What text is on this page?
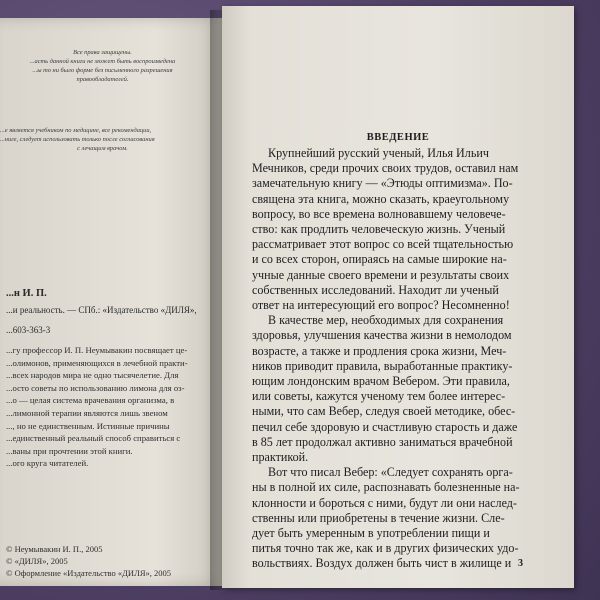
Все права защищены.
...асть данной книги не может быть воспроизведена
...ы то ни было форме без письменного разрешения
правообладателей.
...е является учебником по медицине, все рекомендации,
...ниге, следует использовать только после согласования
с лечащим врачом.
...н И. П.
...и реальность. — СПб.: «Издательство «ДИЛЯ»,
...603-363-3
...гу профессор И. П. Неумывакин посвящает це-
...олимонов, применяющихся в лечебной практи-
...всех народов мира не одно тысячелетие. Для
...осто советы по использованию лимона для оз-
...о — целая система врачевания организма, в
...лимонной терапии являются лишь звеном
..., но не единственным. Истинные причины
...единственный реальный способ справиться с
...ваны при прочтении этой книги.
...ого круга читателей.
© Неумывакин И. П., 2005
© «ДИЛЯ», 2005
© Оформление «Издательство «ДИЛЯ», 2005
ВВЕДЕНИЕ
Крупнейший русский ученый, Илья Ильич
Мечников, среди прочих своих трудов, оставил нам
замечательную книгу — «Этюды оптимизма». По-
священа эта книга, можно сказать, краеугольному
вопросу, во все времена волновавшему человече-
ство: как продлить человеческую жизнь. Ученый
рассматривает этот вопрос со всей тщательностью
и со всех сторон, опираясь на самые широкие на-
учные данные своего времени и результаты своих
собственных исследований. Находит ли ученый
ответ на интересующий его вопрос? Несомненно!
В качестве мер, необходимых для сохранения
здоровья, улучшения качества жизни в немолодом
возрасте, а также и продления срока жизни, Меч-
ников приводит правила, выработанные практику-
ющим лондонским врачом Вебером. Эти правила,
или советы, кажутся ученому тем более интерес-
ными, что сам Вебер, следуя своей методике, обес-
печил себе здоровую и счастливую старость и даже
в 85 лет продолжал активно заниматься врачебной
практикой.
Вот что писал Вебер: «Следует сохранять орга-
ны в полной их силе, распознавать болезненные на-
клонности и бороться с ними, будут ли они наслед-
ственны или приобретены в течение жизни. Сле-
дует быть умеренным в употреблении пищи и
питья точно так же, как и в других физических удо-
вольствиях. Воздух должен быть чист в жилище и 3
